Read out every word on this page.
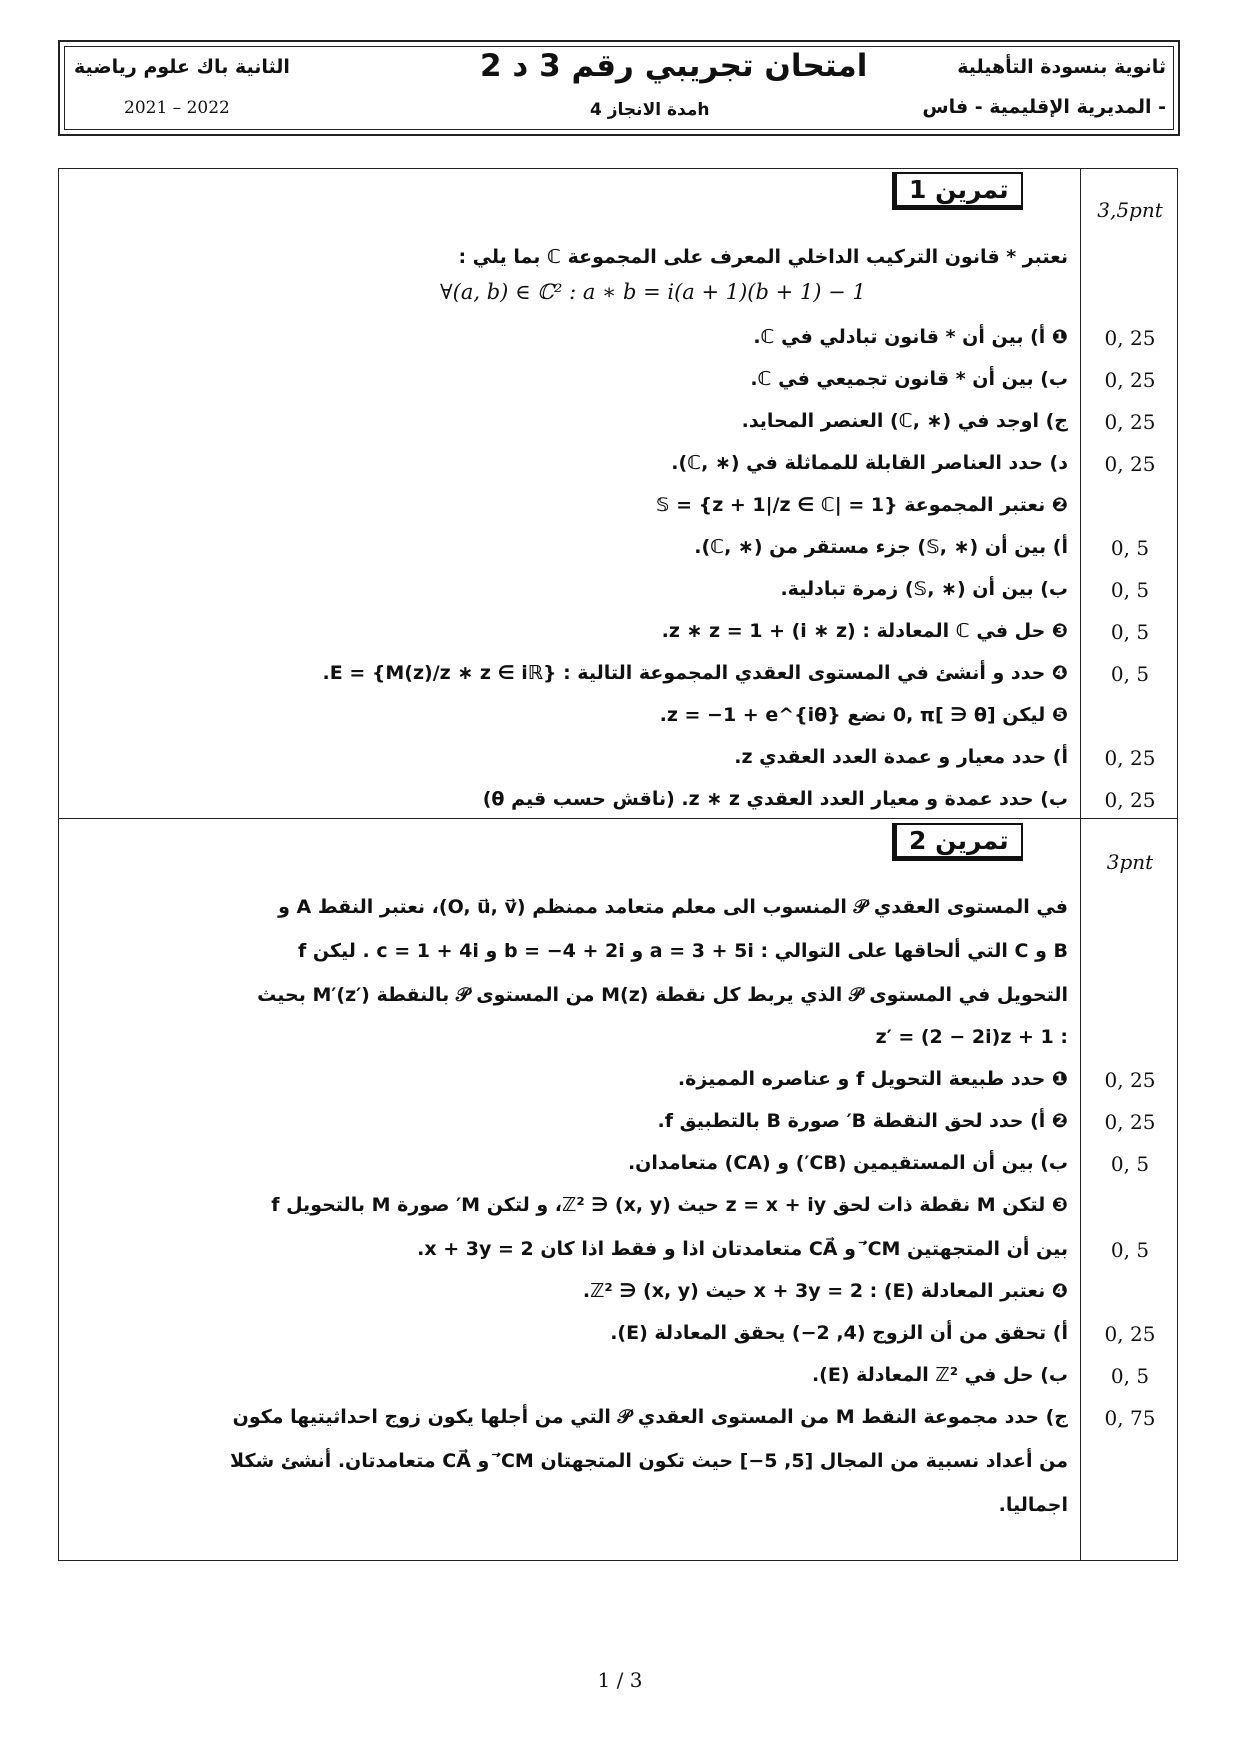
ثانوية بنسودة التأهيلية
المديرية الإقليمية - فاس -
امتحان تجريبي رقم 3 د 2
مدة الانجاز 4h
الثانية باك علوم رياضية
2021 – 2022
تمرين 1
3,5pnt
نعتبر * قانون التركيب الداخلي المعرف على المجموعة ℂ بما يلي :
∀(a, b) ∈ ℂ² : a ∗ b = i(a + 1)(b + 1) − 1
❶ أ) بين أن * قانون تبادلي في ℂ.	0, 25
ب) بين أن * قانون تجميعي في ℂ.	0, 25
ج) اوجد في (∗ ,ℂ) العنصر المحايد.	0, 25
د) حدد العناصر القابلة للمماثلة في (∗ ,ℂ).	0, 25
❷ نعتبر المجموعة {1 = |z + 1|/z ∈ ℂ} = 𝕊
أ) بين أن (∗ ,𝕊) جزء مستقر من (∗ ,ℂ).	0, 5
ب) بين أن (∗ ,𝕊) زمرة تبادلية.	0, 5
❸ حل في ℂ المعادلة : z ∗ z = 1 + (i ∗ z).	0, 5
❹ حدد و أنشئ في المستوى العقدي المجموعة التالية : {E = {M(z)/z ∗ z ∈ iℝ.	0, 5
❺ ليكن [θ ∈ ]0, π نضع z = −1 + e^{iθ}.
أ) حدد معيار و عمدة العدد العقدي z.	0, 25
ب) حدد عمدة و معيار العدد العقدي z ∗ z. (ناقش حسب قيم θ)	0, 25
تمرين 2
3pnt
في المستوى العقدي 𝒫 المنسوب الى معلم متعامد ممنظم (O, u⃗, v⃗)، نعتبر النقط A و
B و C التي ألحاقها على التوالي : a = 3 + 5i و b = −4 + 2i و c = 1 + 4i . ليكن f
التحويل في المستوى 𝒫 الذي يربط كل نقطة M(z) من المستوى 𝒫 بالنقطة M′(z′) بحيث
: z′ = (2 − 2i)z + 1
❶ حدد طبيعة التحويل f و عناصره المميزة.	0, 25
❷ أ) حدد لحق النقطة B′ صورة B بالتطبيق f.	0, 25
ب) بين أن المستقيمين (CB′) و (CA) متعامدان.	0, 5
❸ لتكن M نقطة ذات لحق z = x + iy حيث (x, y) ∈ ℤ²، و لتكن M′ صورة M بالتحويل f
بين أن المتجهتين CM′⃗ و CA⃗ متعامدتان اذا و فقط اذا كان x + 3y = 2.	0, 5
❹ نعتبر المعادلة x + 3y = 2 : (E) حيث (x, y) ∈ ℤ².
أ) تحقق من أن الزوج (4, 2−) يحقق المعادلة (E).	0, 25
ب) حل في ℤ² المعادلة (E).	0, 5
ج) حدد مجموعة النقط M من المستوى العقدي 𝒫 التي من أجلها يكون زوج احداثيتيها مكون	0, 75
من أعداد نسبية من المجال [5, 5−] حيث تكون المتجهتان CM′⃗ و CA⃗ متعامدتان. أنشئ شكلا
اجماليا.
1 / 3
